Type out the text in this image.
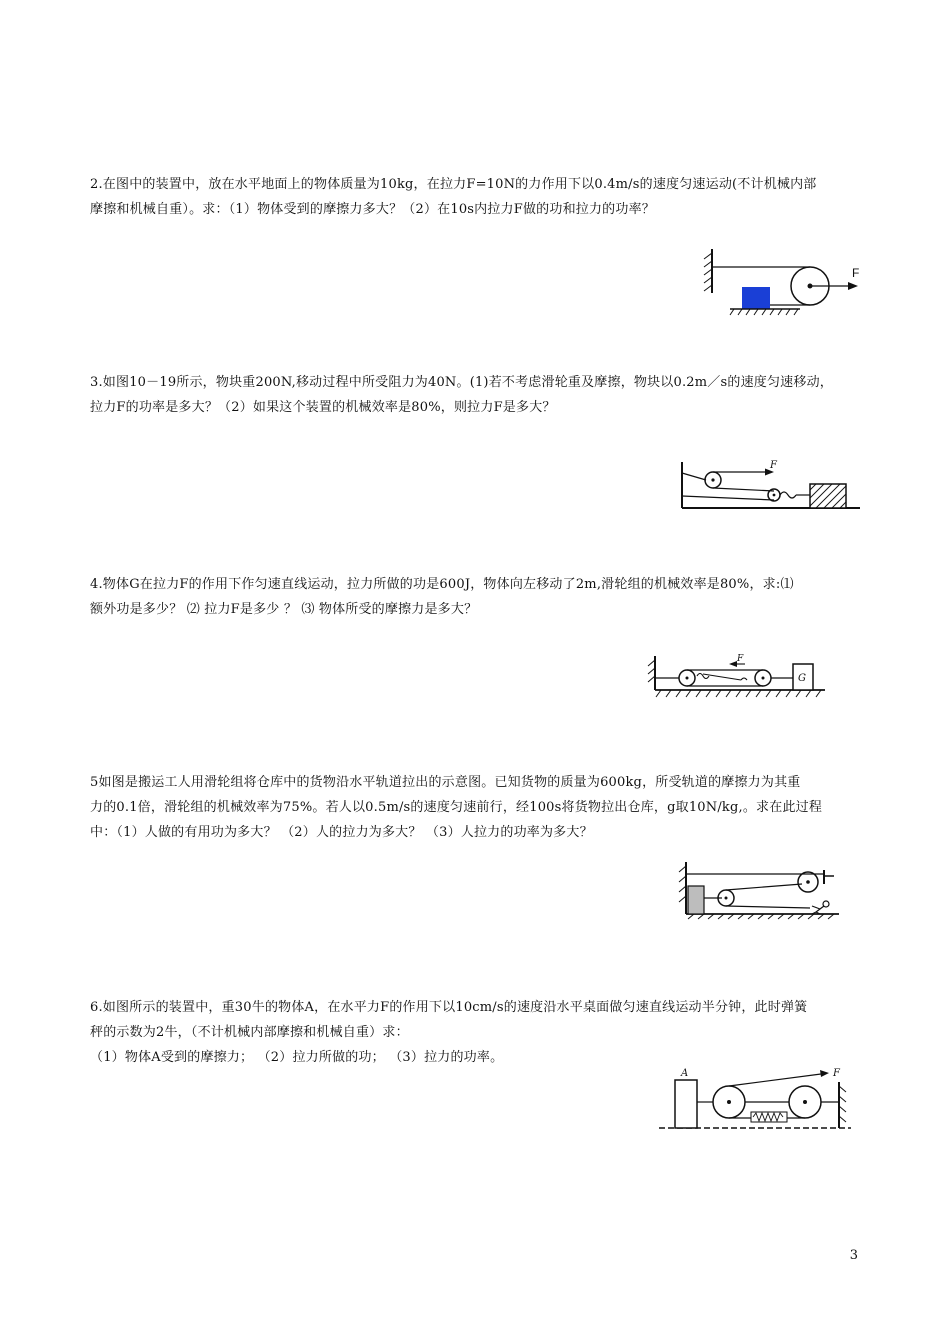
2.在图中的装置中，放在水平地面上的物体质量为10kg，在拉力F=10N的力作用下以0.4m/s的速度匀速运动(不计机械内部

摩擦和机械自重）。求：（1）物体受到的摩擦力多大？（2）在10s内拉力F做的功和拉力的功率？

F

3.如图10－19所示，物块重200N,移动过程中所受阻力为40N。(1)若不考虑滑轮重及摩擦，物块以0.2m／s的速度匀速移动，

拉力F的功率是多大？（2）如果这个装置的机械效率是80%，则拉力F是多大？

F

4.物体G在拉力F的作用下作匀速直线运动，拉力所做的功是600J，物体向左移动了2m,滑轮组的机械效率是80%，求:⑴

额外功是多少？ ⑵ 拉力F是多少 ？ ⑶ 物体所受的摩擦力是多大？

F
G

5如图是搬运工人用滑轮组将仓库中的货物沿水平轨道拉出的示意图。已知货物的质量为600kg，所受轨道的摩擦力为其重

力的0.1倍，滑轮组的机械效率为75%。若人以0.5m/s的速度匀速前行，经100s将货物拉出仓库，g取10N/kg,。求在此过程

中：（1）人做的有用功为多大？ （2）人的拉力为多大？ （3）人拉力的功率为多大？

6.如图所示的装置中，重30牛的物体A，在水平力F的作用下以10cm/s的速度沿水平桌面做匀速直线运动半分钟，此时弹簧

秤的示数为2牛，（不计机械内部摩擦和机械自重）求：

（1）物体A受到的摩擦力； （2）拉力所做的功； （3）拉力的功率。

A	F
3
